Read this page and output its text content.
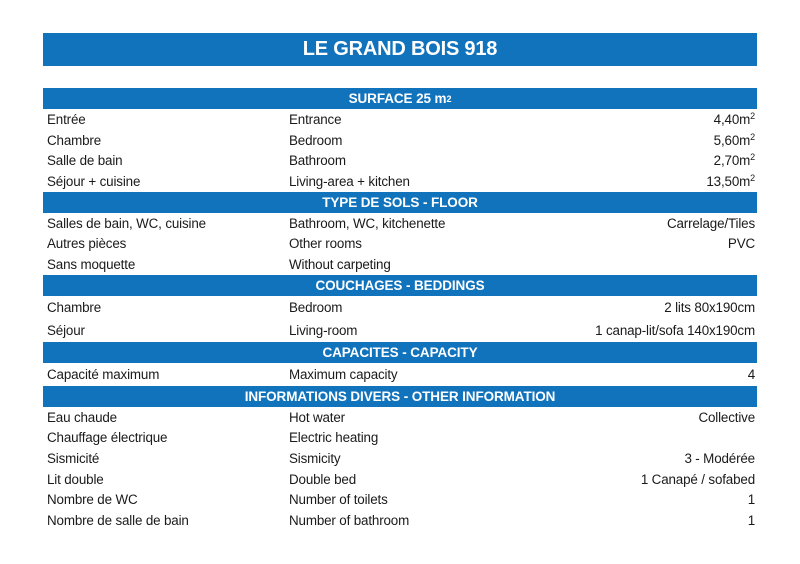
LE GRAND BOIS 918
SURFACE 25 m 2
Entrée	Entrance	$4,40m^2$
Chambre	Bedroom	$5,60m^2$
Salle de bain	Bathroom	$2,70m^2$
Séjour + cuisine	Living-area + kitchen	$13,50m^2$
TYPE DE SOLS - FLOOR
Salles de bain, WC, cuisine	Bathroom, WC, kitchenette	Carrelage/Tiles
Autres pièces	Other rooms	PVC
Sans moquette	Without carpeting
COUCHAGES - BEDDINGS
Chambre	Bedroom	2 lits 80x190cm
Séjour	Living-room	1 canap-lit/sofa 140x190cm
CAPACITES - CAPACITY
Capacité maximum	Maximum capacity	4
INFORMATIONS DIVERS - OTHER INFORMATION
Eau chaude	Hot water	Collective
Chauffage électrique	Electric heating
Sismicité	Sismicity	3 - Modérée
Lit double	Double bed	1 Canapé / sofabed
Nombre de WC	Number of toilets	1
Nombre de salle de bain	Number of bathroom	1
